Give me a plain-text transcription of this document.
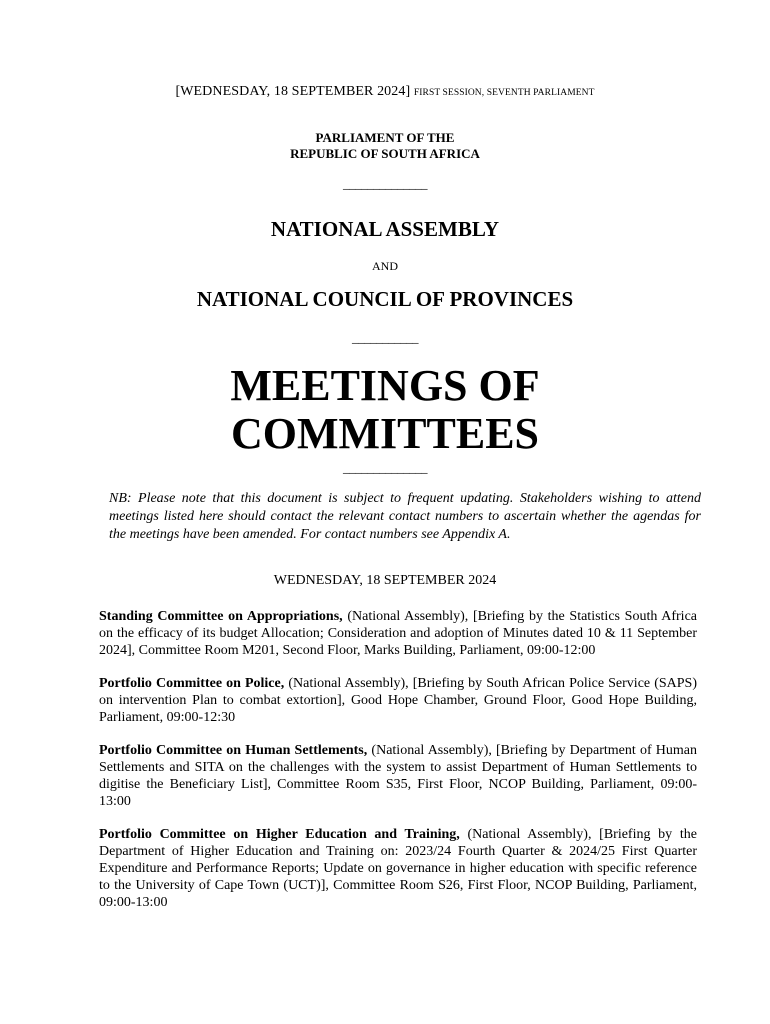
[WEDNESDAY, 18 SEPTEMBER 2024] FIRST SESSION, SEVENTH PARLIAMENT
PARLIAMENT OF THE
REPUBLIC OF SOUTH AFRICA
______________
NATIONAL ASSEMBLY
AND
NATIONAL COUNCIL OF PROVINCES
___________
MEETINGS OF
COMMITTEES
______________
NB: Please note that this document is subject to frequent updating. Stakeholders wishing to attend meetings listed here should contact the relevant contact numbers to ascertain whether the agendas for the meetings have been amended. For contact numbers see Appendix A.
WEDNESDAY, 18 SEPTEMBER 2024

Standing Committee on Appropriations, (National Assembly), [Briefing by the Statistics South Africa on the efficacy of its budget Allocation; Consideration and adoption of Minutes dated 10 & 11 September 2024], Committee Room M201, Second Floor, Marks Building, Parliament, 09:00-12:00

Portfolio Committee on Police, (National Assembly), [Briefing by South African Police Service (SAPS) on intervention Plan to combat extortion], Good Hope Chamber, Ground Floor, Good Hope Building, Parliament, 09:00-12:30

Portfolio Committee on Human Settlements, (National Assembly), [Briefing by Department of Human Settlements and SITA on the challenges with the system to assist Department of Human Settlements to digitise the Beneficiary List], Committee Room S35, First Floor, NCOP Building, Parliament, 09:00-13:00

Portfolio Committee on Higher Education and Training, (National Assembly), [Briefing by the Department of Higher Education and Training on: 2023/24 Fourth Quarter & 2024/25 First Quarter Expenditure and Performance Reports; Update on governance in higher education with specific reference to the University of Cape Town (UCT)], Committee Room S26, First Floor, NCOP Building, Parliament, 09:00-13:00
